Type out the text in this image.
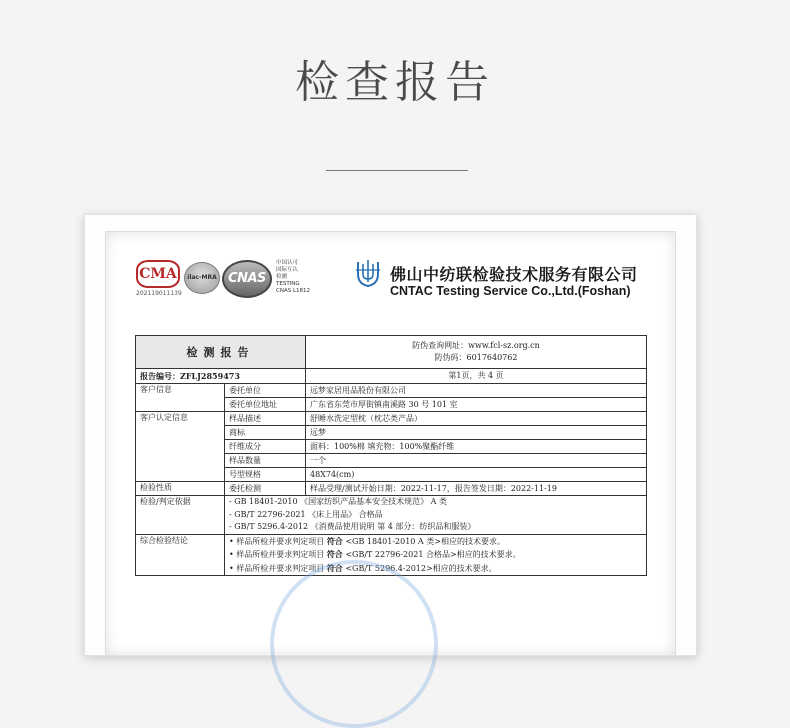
检查报告
CMA
202119011139
ilac-MRA CNAS
中国认可
国际互认
检测
TESTING
CNAS L1812
佛山中纺联检验技术服务有限公司
CNTAC Testing Service Co.,Ltd.(Foshan)
检测报告		防伪查询网址：www.fcl-sz.org.cn
防伪码：6017640762

报告编号：ZFLJ2859473		第1页，共 4 页
客户信息	委托单位	远梦家居用品股份有限公司
	委托单位地址	广东省东莞市厚街镇南溪路 30 号 101 室
客户认定信息	样品描述	舒睡水洗定型枕（枕芯类产品）
	商标	远梦
	纤维成分	面料：100%棉 填充物：100%聚酯纤维
	样品数量	一个
	号型规格	48X74(cm)
检验性质	委托检测	样品受理/测试开始日期：2022-11-17，报告签发日期：2022-11-19
检验/判定依据	- GB 18401-2010 《国家纺织产品基本安全技术规范》 A 类
- GB/T 22796-2021 《床上用品》 合格品
- GB/T 5296.4-2012 《消费品使用说明 第 4 部分：纺织品和服装》	

综合检验结论	• 样品所检并要求判定项目 符合 <GB 18401-2010 A 类>相应的技术要求。
• 样品所检并要求判定项目 符合 <GB/T 22796-2021 合格品>相应的技术要求。
• 样品所检并要求判定项目 符合 <GB/T 5296.4-2012>相应的技术要求。	
